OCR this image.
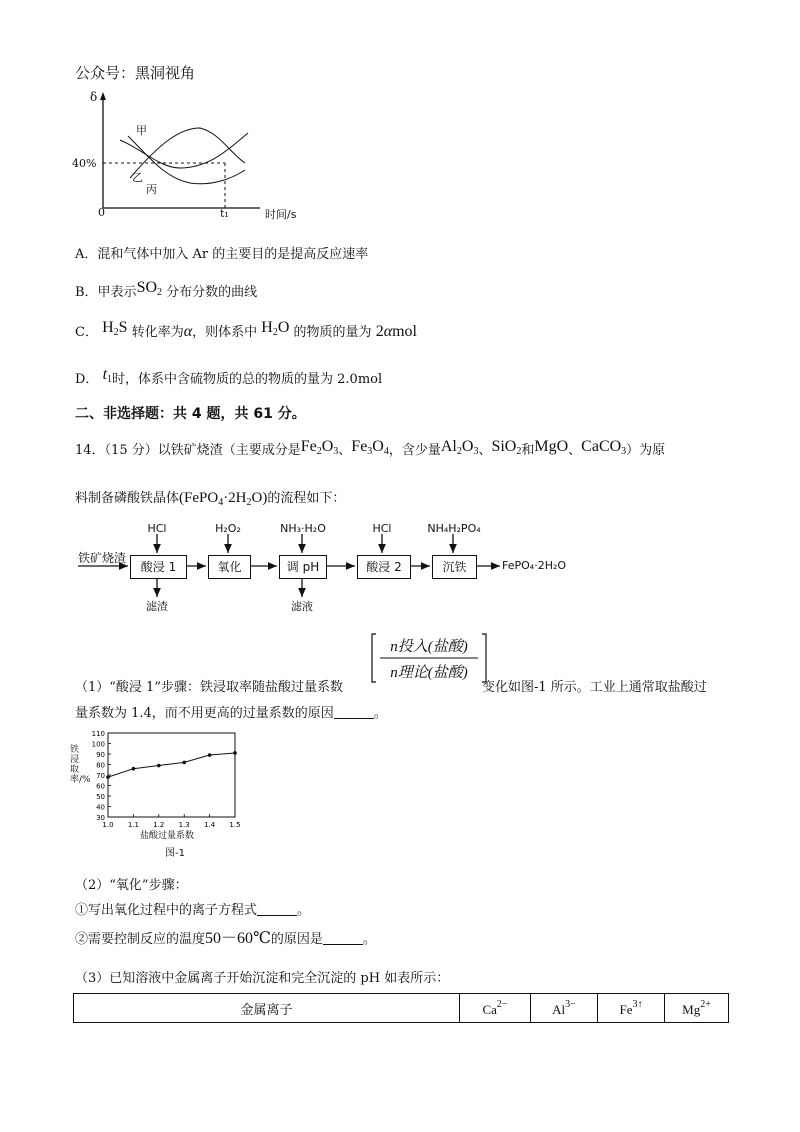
公众号：黑洞视角
δ
40%
0	t₁	时间/s
甲
乙
丙
A．混和气体中加入 Ar 的主要目的是提高反应速率
B．甲表示$SO_2$ 分布分数的曲线
C． $H_2S$ 转化率为α，则体系中 $H_2O$ 的物质的量为 2αmol
D． $t_1$时，体系中含硫物质的总的物质的量为 2.0mol
二、非选择题：共 4 题，共 61 分。
14．（15 分）以铁矿烧渣（主要成分是$Fe_2O_3$、$Fe_3O_4$，含少量$Al_2O_3$、SiO$_2$和MgO、CaCO$_3$）为原
料制备磷酸铁晶体$(FePO_4\cdot 2H_2O)$的流程如下：
铁矿烧渣
HCl	H₂O₂	NH₃·H₂O	HCl	NH₄H₂PO₄
酸浸 1	氧化	调 pH	酸浸 2	沉铁	FePO₄·2H₂O
滤渣	滤液
n投入(盐酸)
n理论(盐酸)
（1）“酸浸 1”步骤：铁浸取率随盐酸过量系数	变化如图-1 所示。工业上通常取盐酸过
量系数为 1.4，而不用更高的过量系数的原因	。
30
40
50
60
70
80
90
100
110
1.0 1.1 1.2 1.3 1.4 1.5
铁浸取率/%
盐酸过量系数
图-1
（2）“氧化”步骤：
①写出氧化过程中的离子方程式	。
②需要控制反应的温度50－60℃的原因是	。
（3）已知溶液中金属离子开始沉淀和完全沉淀的 pH 如表所示：
金属离子	$Ca^{2-}$	$Al^{3-}$	$Fe^{3↑}$	$Mg^{2+}$
